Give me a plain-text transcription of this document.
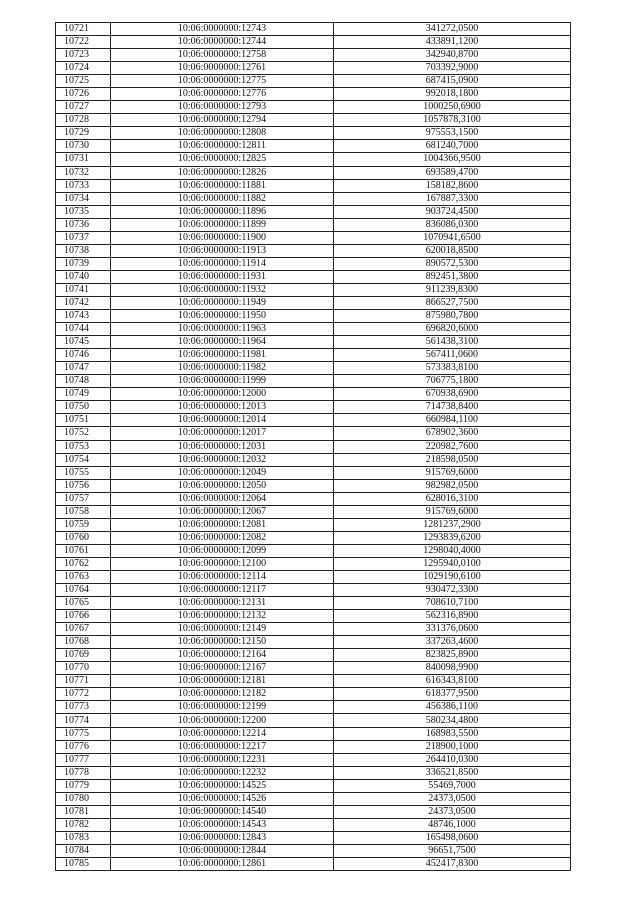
10721	10:06:0000000:12743	341272,0500
10722	10:06:0000000:12744	433891,1200
10723	10:06:0000000:12758	342940,8700
10724	10:06:0000000:12761	703392,9000
10725	10:06:0000000:12775	687415,0900
10726	10:06:0000000:12776	992018,1800
10727	10:06:0000000:12793	1000250,6900
10728	10:06:0000000:12794	1057878,3100
10729	10:06:0000000:12808	975553,1500
10730	10:06:0000000:12811	681240,7000
10731	10:06:0000000:12825	1004366,9500
10732	10:06:0000000:12826	693589,4700
10733	10:06:0000000:11881	158182,8600
10734	10:06:0000000:11882	167887,3300
10735	10:06:0000000:11896	903724,4500
10736	10:06:0000000:11899	836086,0300
10737	10:06:0000000:11900	1070941,6500
10738	10:06:0000000:11913	620018,8500
10739	10:06:0000000:11914	890572,5300
10740	10:06:0000000:11931	892451,3800
10741	10:06:0000000:11932	911239,8300
10742	10:06:0000000:11949	866527,7500
10743	10:06:0000000:11950	875980,7800
10744	10:06:0000000:11963	696820,6000
10745	10:06:0000000:11964	561438,3100
10746	10:06:0000000:11981	567411,0600
10747	10:06:0000000:11982	573383,8100
10748	10:06:0000000:11999	706775,1800
10749	10:06:0000000:12000	670938,6900
10750	10:06:0000000:12013	714738,8400
10751	10:06:0000000:12014	660984,1100
10752	10:06:0000000:12017	678902,3600
10753	10:06:0000000:12031	220982,7600
10754	10:06:0000000:12032	218598,0500
10755	10:06:0000000:12049	915769,6000
10756	10:06:0000000:12050	982982,0500
10757	10:06:0000000:12064	628016,3100
10758	10:06:0000000:12067	915769,6000
10759	10:06:0000000:12081	1281237,2900
10760	10:06:0000000:12082	1293839,6200
10761	10:06:0000000:12099	1298040,4000
10762	10:06:0000000:12100	1295940,0100
10763	10:06:0000000:12114	1029190,6100
10764	10:06:0000000:12117	930472,3300
10765	10:06:0000000:12131	708610,7100
10766	10:06:0000000:12132	562316,8900
10767	10:06:0000000:12149	331376,0600
10768	10:06:0000000:12150	337263,4600
10769	10:06:0000000:12164	823825,8900
10770	10:06:0000000:12167	840098,9900
10771	10:06:0000000:12181	616343,8100
10772	10:06:0000000:12182	618377,9500
10773	10:06:0000000:12199	456386,1100
10774	10:06:0000000:12200	580234,4800
10775	10:06:0000000:12214	168983,5500
10776	10:06:0000000:12217	218900,1000
10777	10:06:0000000:12231	264410,0300
10778	10:06:0000000:12232	336521,8500
10779	10:06:0000000:14525	55469,7000
10780	10:06:0000000:14526	24373,0500
10781	10:06:0000000:14540	24373,0500
10782	10:06:0000000:14543	48746,1000
10783	10:06:0000000:12843	165498,0600
10784	10:06:0000000:12844	96651,7500
10785	10:06:0000000:12861	452417,8300
